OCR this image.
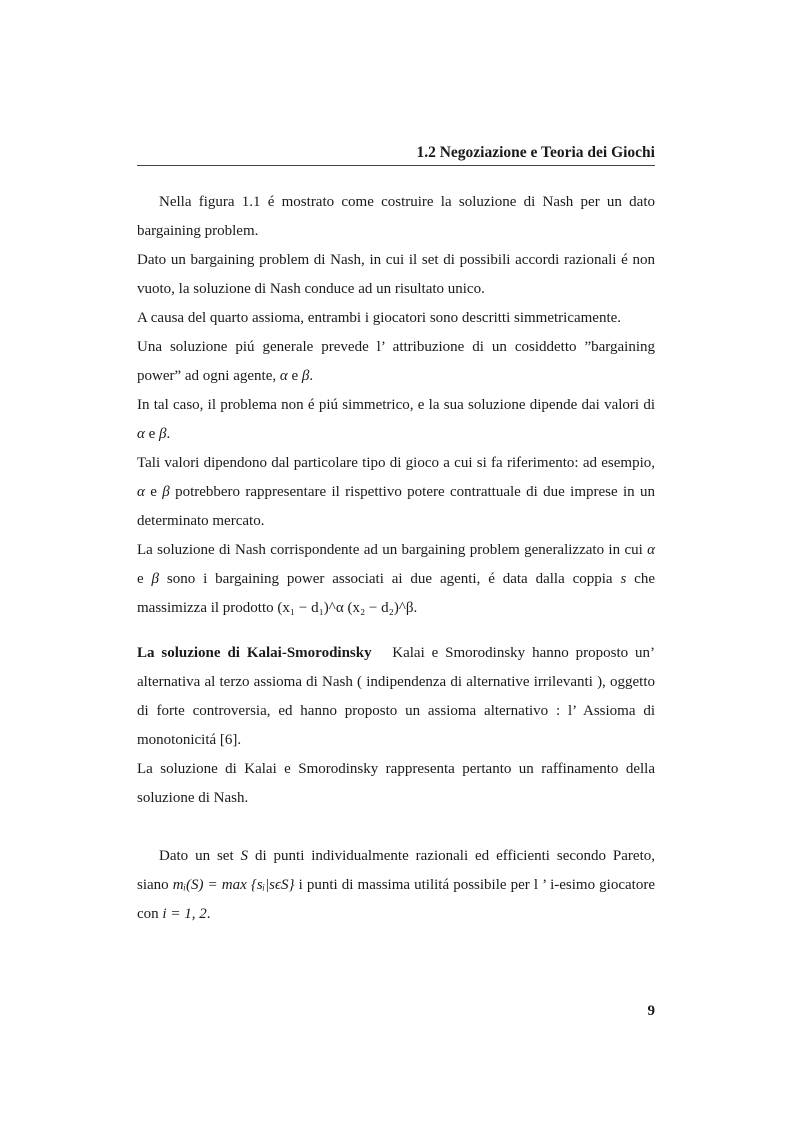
1.2 Negoziazione e Teoria dei Giochi

Nella figura 1.1 é mostrato come costruire la soluzione di Nash per un dato bargaining problem.

Dato un bargaining problem di Nash, in cui il set di possibili accordi razionali é non vuoto, la soluzione di Nash conduce ad un risultato unico.

A causa del quarto assioma, entrambi i giocatori sono descritti simmetricamente.

Una soluzione piú generale prevede l’ attribuzione di un cosiddetto ”bargaining power” ad ogni agente, α e β.

In tal caso, il problema non é piú simmetrico, e la sua soluzione dipende dai valori di α e β.

Tali valori dipendono dal particolare tipo di gioco a cui si fa riferimento: ad esempio, α e β potrebbero rappresentare il rispettivo potere contrattuale di due imprese in un determinato mercato.

La soluzione di Nash corrispondente ad un bargaining problem generalizzato in cui α e β sono i bargaining power associati ai due agenti, é data dalla coppia s che massimizza il prodotto (x₁ − d₁)^α (x₂ − d₂)^β.

La soluzione di Kalai-Smorodinsky Kalai e Smorodinsky hanno proposto un’ alternativa al terzo assioma di Nash ( indipendenza di alternative irrilevanti ), oggetto di forte controversia, ed hanno proposto un assioma alternativo : l’ Assioma di monotonicitá [6].

La soluzione di Kalai e Smorodinsky rappresenta pertanto un raffinamento della soluzione di Nash.

Dato un set S di punti individualmente razionali ed efficienti secondo Pareto, siano mᵢ(S) = max {sᵢ|sϵS} i punti di massima utilitá possibile per l ’ i-esimo giocatore con i = 1, 2.

9
